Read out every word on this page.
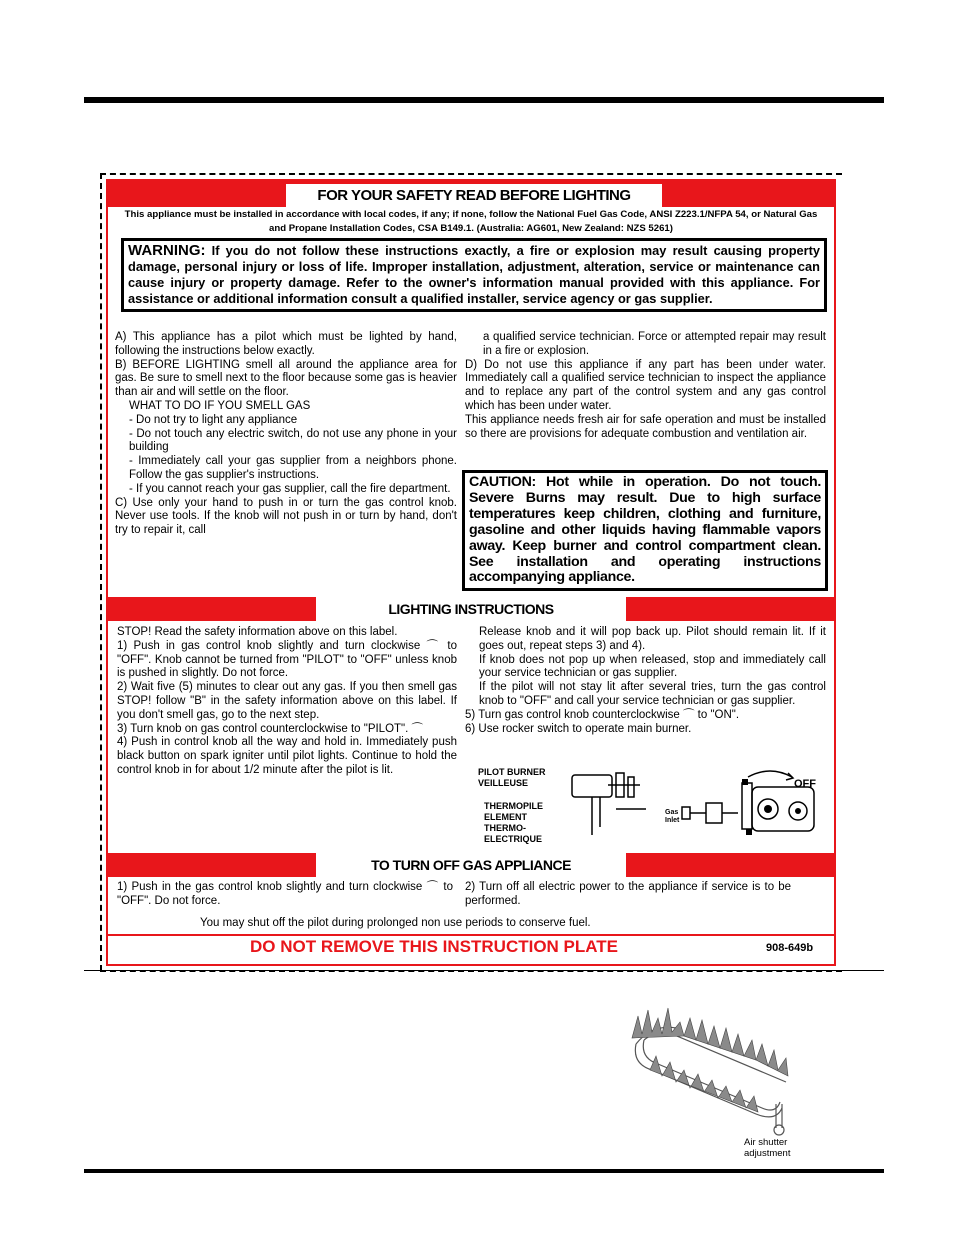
FOR YOUR SAFETY READ BEFORE LIGHTING
This appliance must be installed in accordance with local codes, if any; if none, follow the National Fuel Gas Code, ANSI Z223.1/NFPA 54, or Natural Gas and Propane Installation Codes, CSA B149.1. (Australia: AG601, New Zealand: NZS 5261)
WARNING: If you do not follow these instructions exactly, a fire or explosion may result causing property damage, personal injury or loss of life. Improper installation, adjustment, alteration, service or maintenance can cause injury or property damage. Refer to the owner's information manual provided with this appliance. For assistance or additional information consult a qualified installer, service agency or gas supplier.

A) This appliance has a pilot which must be lighted by hand, following the instructions below exactly.

B) BEFORE LIGHTING smell all around the appliance area for gas. Be sure to smell next to the floor because some gas is heavier than air and will settle on the floor.

WHAT TO DO IF YOU SMELL GAS

- Do not try to light any appliance

- Do not touch any electric switch, do not use any phone in your building

- Immediately call your gas supplier from a neighbors phone. Follow the gas supplier's instructions.

- If you cannot reach your gas supplier, call the fire department.

C) Use only your hand to push in or turn the gas control knob. Never use tools. If the knob will not push in or turn by hand, don't try to repair it, call

a qualified service technician. Force or attempted repair may result in a fire or explosion.

D) Do not use this appliance if any part has been under water. Immediately call a qualified service technician to inspect the appliance and to replace any part of the control system and any gas control which has been under water.

This appliance needs fresh air for safe operation and must be installed so there are provisions for adequate combustion and ventilation air.

CAUTION: Hot while in operation. Do not touch. Severe Burns may result. Due to high surface temperatures keep children, clothing and furniture, gasoline and other liquids having flammable vapors away. Keep burner and control compartment clean. See installation and operating instructions accompanying appliance.
LIGHTING INSTRUCTIONS

STOP! Read the safety information above on this label.

1) Push in gas control knob slightly and turn clockwise ⌒ to "OFF". Knob cannot be turned from "PILOT" to "OFF" unless knob is pushed in slightly. Do not force.

2) Wait five (5) minutes to clear out any gas. If you then smell gas STOP! follow "B" in the safety information above on this label. If you don't smell gas, go to the next step.

3) Turn knob on gas control counterclockwise to "PILOT". ⌒

4) Push in control knob all the way and hold in. Immediately push black button on spark igniter until pilot lights. Continue to hold the control knob in for about 1/2 minute after the pilot is lit.

Release knob and it will pop back up. Pilot should remain lit. If it goes out, repeat steps 3) and 4).

If knob does not pop up when released, stop and immediately call your service technician or gas supplier.

If the pilot will not stay lit after several tries, turn the gas control knob to "OFF" and call your service technician or gas supplier.

5) Turn gas control knob counterclockwise ⌒ to "ON".

6) Use rocker switch to operate main burner.

PILOT BURNER VEILLEUSE
THERMOPILE ELEMENT THERMO-ELECTRIQUE
Gas Inlet
OFF
TO TURN OFF GAS APPLIANCE
1) Push in the gas control knob slightly and turn clockwise ⌒ to "OFF". Do not force.
2) Turn off all electric power to the appliance if service is to be performed.
You may shut off the pilot during prolonged non use periods to conserve fuel.
DO NOT REMOVE THIS INSTRUCTION PLATE	908-649b
Air shutter adjustment
